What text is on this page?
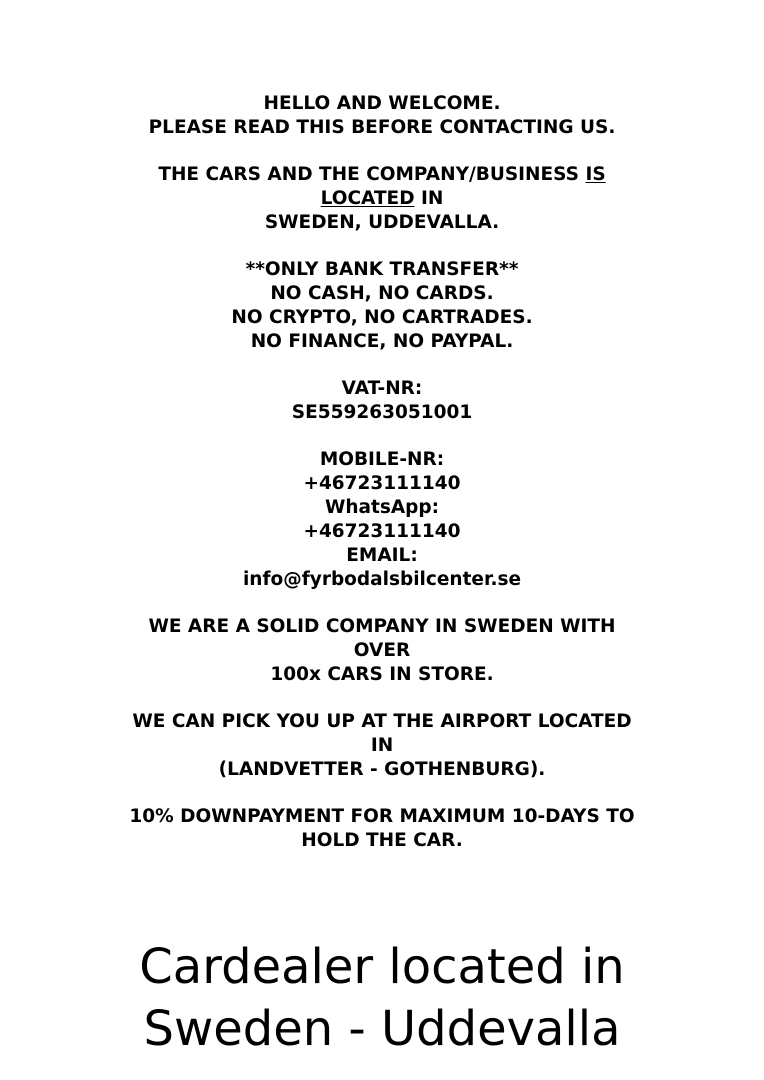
HELLO AND WELCOME.
PLEASE READ THIS BEFORE CONTACTING US.
THE CARS AND THE COMPANY/BUSINESS IS
LOCATED IN
SWEDEN, UDDEVALLA.
**ONLY BANK TRANSFER**
NO CASH, NO CARDS.
NO CRYPTO, NO CARTRADES.
NO FINANCE, NO PAYPAL.
VAT-NR:
SE559263051001
MOBILE-NR:
+46723111140
WhatsApp:
+46723111140
EMAIL:
info@fyrbodalsbilcenter.se
WE ARE A SOLID COMPANY IN SWEDEN WITH
OVER
100x CARS IN STORE.
WE CAN PICK YOU UP AT THE AIRPORT LOCATED
IN
(LANDVETTER - GOTHENBURG).
10% DOWNPAYMENT FOR MAXIMUM 10-DAYS TO
HOLD THE CAR.
Cardealer located in
Sweden - Uddevalla
